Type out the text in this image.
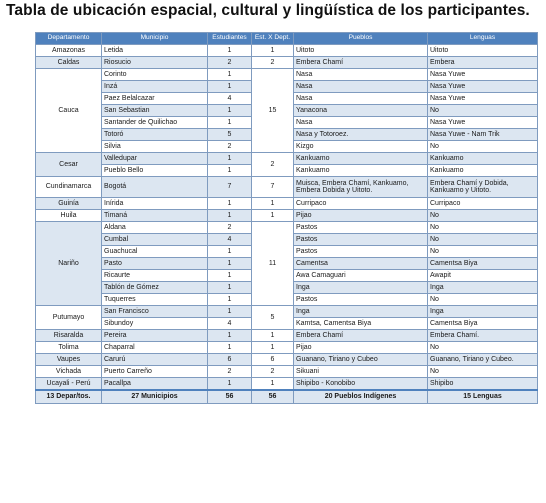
Tabla de ubicación espacial, cultural y lingüística de los participantes.
Departamento	Municipio	Estudiantes	Est. X Dept.	Pueblos	Lenguas
Amazonas	Letida	1	1	Uitoto	Uitoto
Caldas	Riosucio	2	2	Embera Chamí	Embera
Cauca	Corinto	1	15	Nasa	Nasa Yuwe
	Inzá	1		Nasa	Nasa Yuwe
	Paez Belalcazar	4		Nasa	Nasa Yuwe
	San Sebastian	1		Yanacona	No
	Santander de Quilichao	1		Nasa	Nasa Yuwe
	Totoró	5		Nasa y Totoroez.	Nasa Yuwe - Nam Trik
	Silvia	2		Kizgo	No
Cesar	Valledupar	1	2	Kankuamo	Kankuamo
	Pueblo Bello	1		Kankuamo	Kankuamo
Cundinamarca	Bogotá	7	7	Muisca, Embera Chamí, Kankuamo, Embera Dobida y Uitoto.	Embera Chamí y Dobida, Kankuamo y Uitoto.
Guinía	Inírida	1	1	Curripaco	Curripaco
Huila	Timaná	1	1	Pijao	No
Nariño	Aldana	2	11	Pastos	No
	Cumbal	4		Pastos	No
	Guachucal	1		Pastos	No
	Pasto	1		Camentsa	Camentsa Biya
	Ricaurte	1		Awa Camaguari	Awapit
	Tablón de Gómez	1		Inga	Inga
	Tuquerres	1		Pastos	No
Putumayo	San Francisco	1	5	Inga	Inga
	Sibundoy	4		Kamtsa, Camentsa Biya	Camentsa Biya
Risaralda	Pereira	1	1	Embera Chamí	Embera Chamí.
Tolima	Chaparral	1	1	Pijao	No
Vaupes	Carurú	6	6	Guanano, Tiriano y Cubeo	Guanano, Tiriano y Cubeo.
Vichada	Puerto Carreño	2	2	Sikuani	No
Ucayali - Perú	Pacallpa	1	1	Shipibo - Konobibo	Shipibo
13 Depar/tos.	27 Municipios	56	56	20 Pueblos Indígenes	15 Lenguas
